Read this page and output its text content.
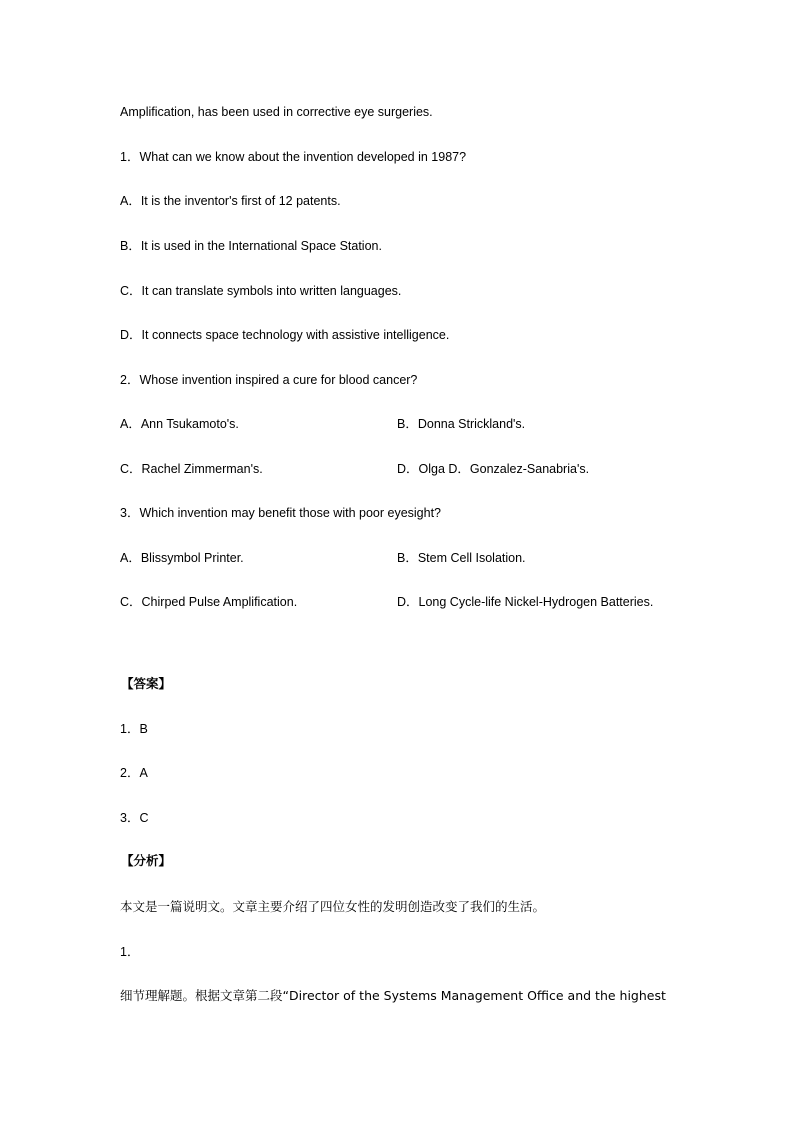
Amplification, has been used in corrective eye surgeries.
1．What can we know about the invention developed in 1987?
A．It is the inventor's first of 12 patents.
B．It is used in the International Space Station.
C．It can translate symbols into written languages.
D．It connects space technology with assistive intelligence.
2．Whose invention inspired a cure for blood cancer?
A．Ann Tsukamoto's.	B．Donna Strickland's.
C．Rachel Zimmerman's.	D．Olga D．Gonzalez-Sanabria's.
3．Which invention may benefit those with poor eyesight?
A．Blissymbol Printer.	B．Stem Cell Isolation.
C．Chirped Pulse Amplification.	D．Long Cycle-life Nickel-Hydrogen Batteries.
【答案】
1．B
2．A
3．C
【分析】
本文是一篇说明文。文章主要介绍了四位女性的发明创造改变了我们的生活。
1．
细节理解题。根据文章第二段“Director of the Systems Management Office and the highest
